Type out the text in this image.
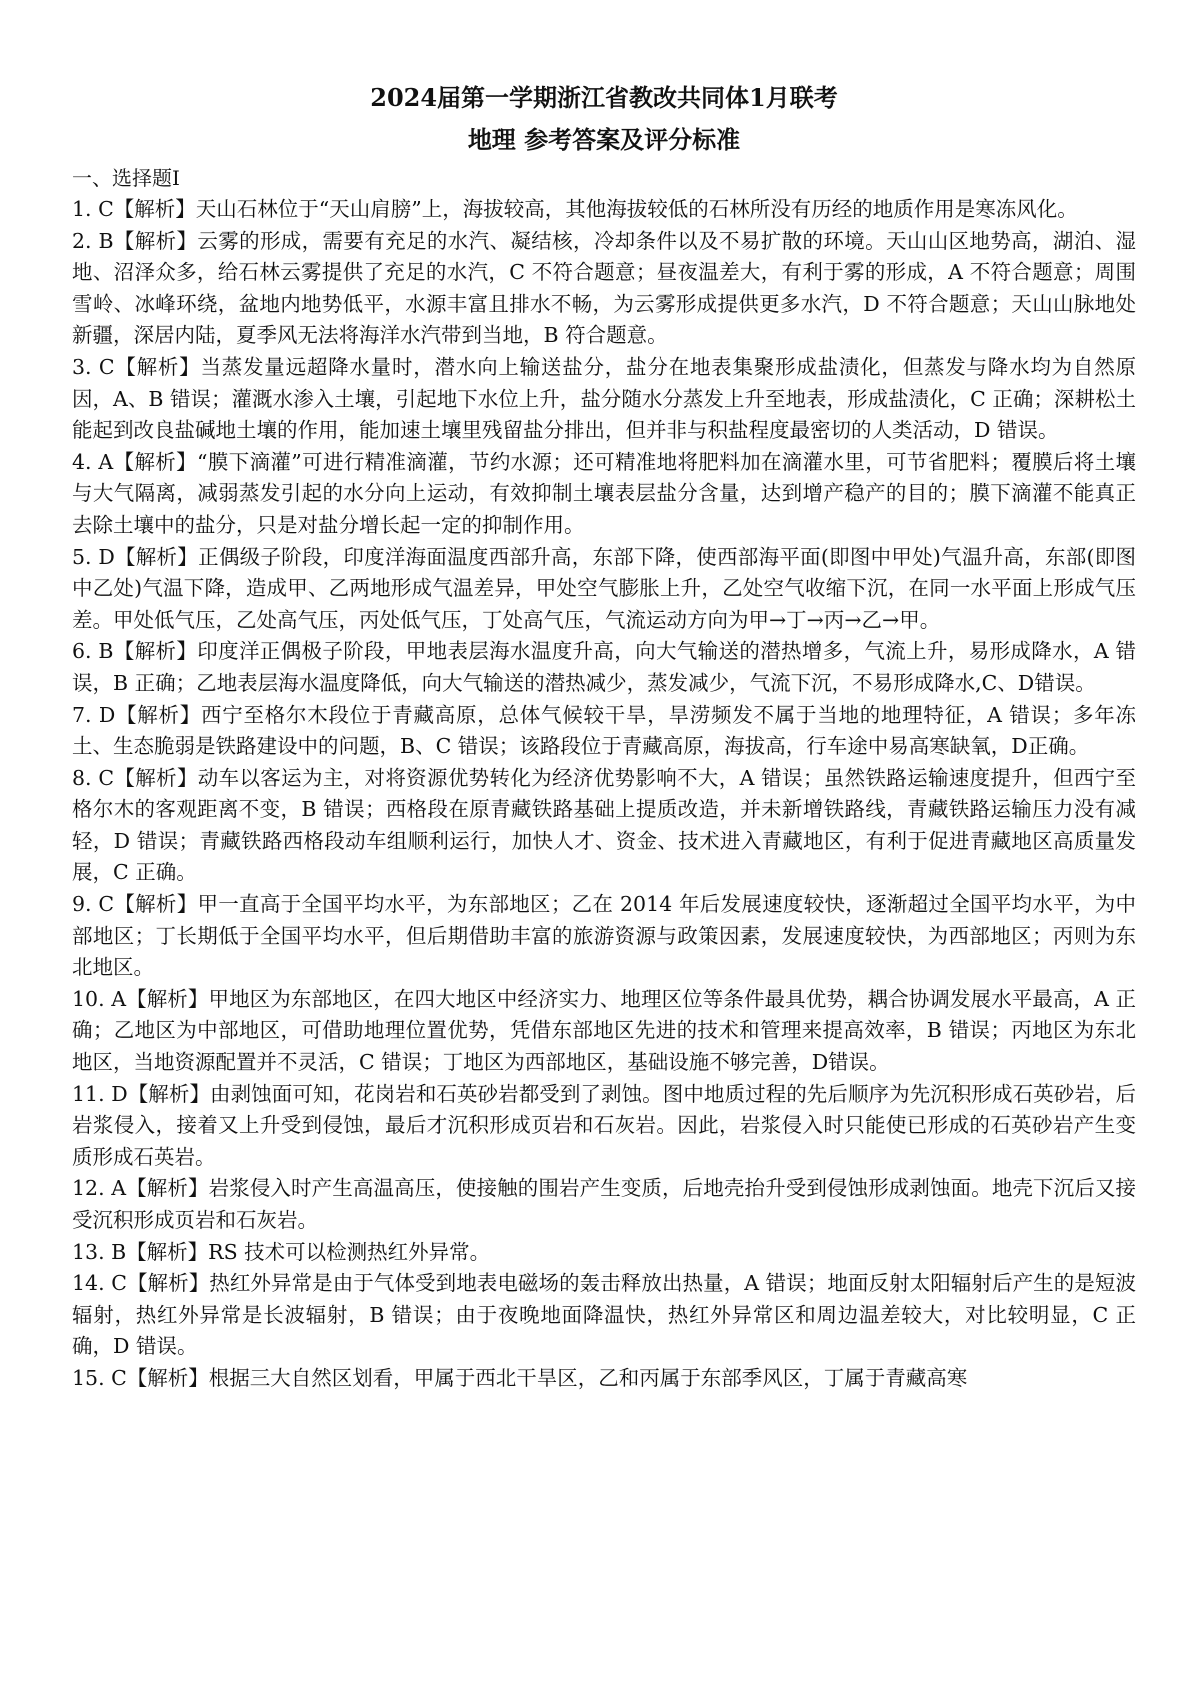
2024届第一学期浙江省教改共同体1月联考
地理 参考答案及评分标准

一、选择题Ⅰ

1. C【解析】天山石林位于“天山肩膀”上，海拔较高，其他海拔较低的石林所没有历经的地质作用是寒冻风化。

2. B【解析】云雾的形成，需要有充足的水汽、凝结核，冷却条件以及不易扩散的环境。天山山区地势高，湖泊、湿地、沼泽众多，给石林云雾提供了充足的水汽，C 不符合题意；昼夜温差大，有利于雾的形成，A 不符合题意；周围雪岭、冰峰环绕，盆地内地势低平，水源丰富且排水不畅，为云雾形成提供更多水汽，D 不符合题意；天山山脉地处新疆，深居内陆，夏季风无法将海洋水汽带到当地，B 符合题意。

3. C【解析】当蒸发量远超降水量时，潜水向上输送盐分，盐分在地表集聚形成盐渍化，但蒸发与降水均为自然原因，A、B 错误；灌溉水渗入土壤，引起地下水位上升，盐分随水分蒸发上升至地表，形成盐渍化，C 正确；深耕松土能起到改良盐碱地土壤的作用，能加速土壤里残留盐分排出，但并非与积盐程度最密切的人类活动，D 错误。

4. A【解析】“膜下滴灌”可进行精准滴灌，节约水源；还可精准地将肥料加在滴灌水里，可节省肥料；覆膜后将土壤与大气隔离，减弱蒸发引起的水分向上运动，有效抑制土壤表层盐分含量，达到增产稳产的目的；膜下滴灌不能真正去除土壤中的盐分，只是对盐分增长起一定的抑制作用。

5. D【解析】正偶级子阶段，印度洋海面温度西部升高，东部下降，使西部海平面(即图中甲处)气温升高，东部(即图中乙处)气温下降，造成甲、乙两地形成气温差异，甲处空气膨胀上升，乙处空气收缩下沉，在同一水平面上形成气压差。甲处低气压，乙处高气压，丙处低气压，丁处高气压，气流运动方向为甲→丁→丙→乙→甲。

6. B【解析】印度洋正偶极子阶段，甲地表层海水温度升高，向大气输送的潜热增多，气流上升，易形成降水，A 错误，B 正确；乙地表层海水温度降低，向大气输送的潜热减少，蒸发减少，气流下沉，不易形成降水,C、D错误。

7. D【解析】西宁至格尔木段位于青藏高原，总体气候较干旱，旱涝频发不属于当地的地理特征，A 错误；多年冻土、生态脆弱是铁路建设中的问题，B、C 错误；该路段位于青藏高原，海拔高，行车途中易高寒缺氧，D正确。

8. C【解析】动车以客运为主，对将资源优势转化为经济优势影响不大，A 错误；虽然铁路运输速度提升，但西宁至格尔木的客观距离不变，B 错误；西格段在原青藏铁路基础上提质改造，并未新增铁路线，青藏铁路运输压力没有减轻，D 错误；青藏铁路西格段动车组顺利运行，加快人才、资金、技术进入青藏地区，有利于促进青藏地区高质量发展，C 正确。

9. C【解析】甲一直高于全国平均水平，为东部地区；乙在 2014 年后发展速度较快，逐渐超过全国平均水平，为中部地区；丁长期低于全国平均水平，但后期借助丰富的旅游资源与政策因素，发展速度较快，为西部地区；丙则为东北地区。

10. A【解析】甲地区为东部地区，在四大地区中经济实力、地理区位等条件最具优势，耦合协调发展水平最高，A 正确；乙地区为中部地区，可借助地理位置优势，凭借东部地区先进的技术和管理来提高效率，B 错误；丙地区为东北地区，当地资源配置并不灵活，C 错误；丁地区为西部地区，基础设施不够完善，D错误。

11. D【解析】由剥蚀面可知，花岗岩和石英砂岩都受到了剥蚀。图中地质过程的先后顺序为先沉积形成石英砂岩，后岩浆侵入，接着又上升受到侵蚀，最后才沉积形成页岩和石灰岩。因此，岩浆侵入时只能使已形成的石英砂岩产生变质形成石英岩。

12. A【解析】岩浆侵入时产生高温高压，使接触的围岩产生变质，后地壳抬升受到侵蚀形成剥蚀面。地壳下沉后又接受沉积形成页岩和石灰岩。

13. B【解析】RS 技术可以检测热红外异常。

14. C【解析】热红外异常是由于气体受到地表电磁场的轰击释放出热量，A 错误；地面反射太阳辐射后产生的是短波辐射，热红外异常是长波辐射，B 错误；由于夜晚地面降温快，热红外异常区和周边温差较大，对比较明显，C 正确，D 错误。

15. C【解析】根据三大自然区划看，甲属于西北干旱区，乙和丙属于东部季风区，丁属于青藏高寒
